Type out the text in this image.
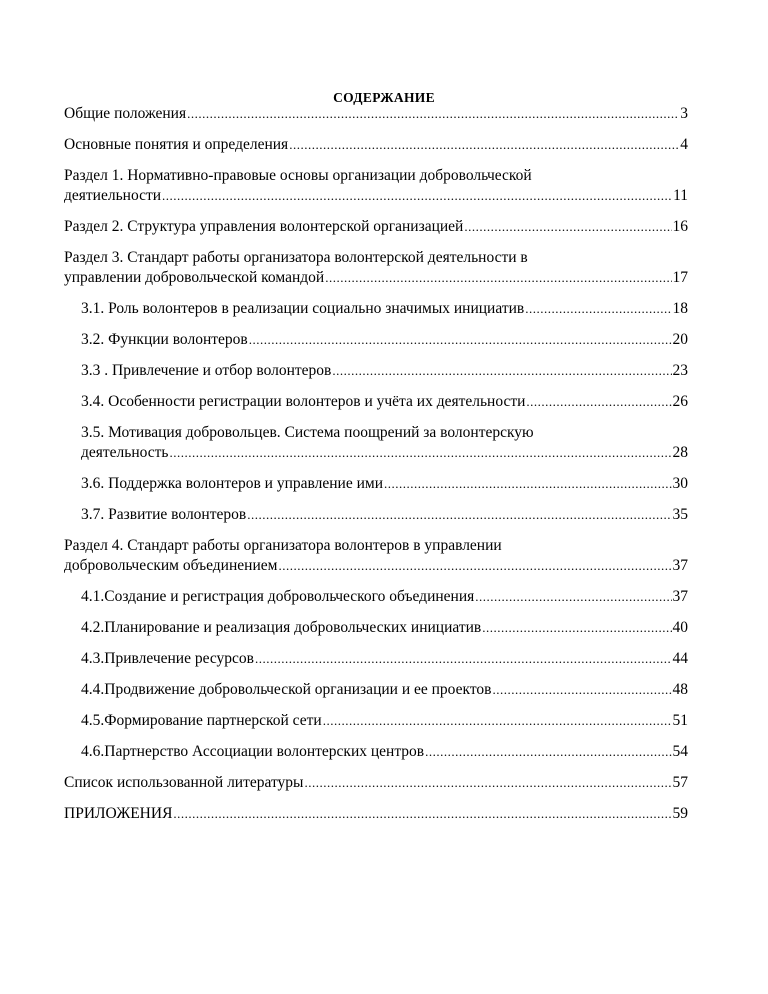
СОДЕРЖАНИЕ
Общие положения .....	3
Основные понятия и определения .....	4
Раздел 1. Нормативно-правовые основы организации добровольческой
деятиельности .....	11
Раздел 2. Структура управления волонтерской организацией .....	16
Раздел 3. Стандарт работы организатора волонтерской деятельности в
управлении добровольческой командой .....	17
3.1. Роль волонтеров в реализации социально значимых инициатив .....	18
3.2. Функции волонтеров .....	20
3.3 . Привлечение и отбор волонтеров .....	23
3.4. Особенности регистрации волонтеров и учёта их деятельности .....	26
3.5. Мотивация добровольцев. Система поощрений за волонтерскую
деятельность .....	28
3.6. Поддержка волонтеров и управление ими .....	30
3.7. Развитие волонтеров .....	35
Раздел 4. Стандарт работы организатора волонтеров в управлении
добровольческим объединением .....	37
4.1. Создание и регистрация добровольческого объединения .....	37
4.2. Планирование и реализация добровольческих инициатив .....	40
4.3. Привлечение ресурсов .....	44
4.4. Продвижение добровольческой организации и ее проектов .....	48
4.5. Формирование партнерской сети .....	51
4.6. Партнерство Ассоциации волонтерских центров .....	54
Список использованной литературы .....	57
ПРИЛОЖЕНИЯ .....	59
